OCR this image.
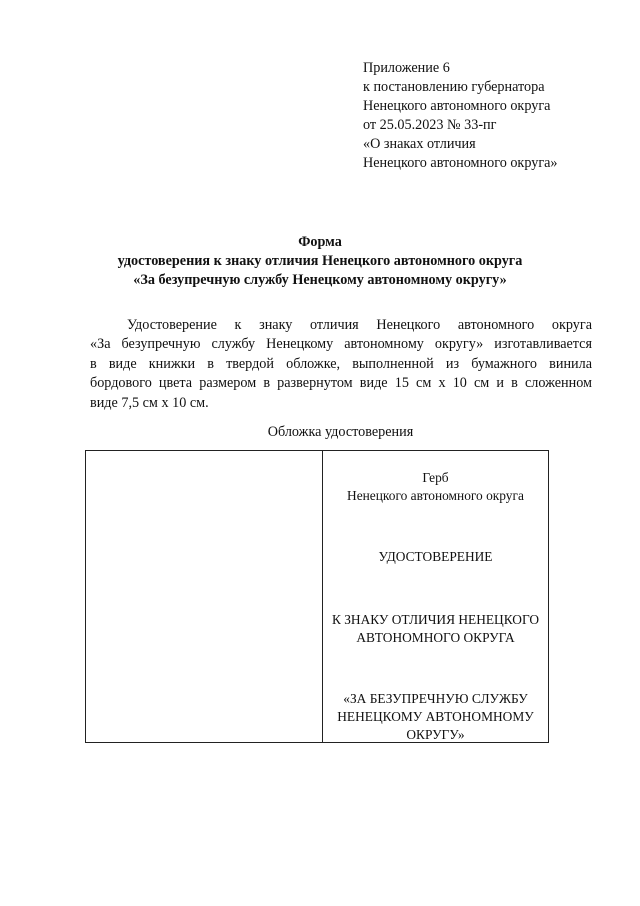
Приложение 6
к постановлению губернатора
Ненецкого автономного округа
от 25.05.2023 № 33-пг
«О знаках отличия
Ненецкого автономного округа»
Форма
удостоверения к знаку отличия Ненецкого автономного округа
«За безупречную службу Ненецкому автономному округу»
Удостоверение к знаку отличия Ненецкого автономного округа
«За безупречную службу Ненецкому автономному округу» изготавливается
в виде книжки в твердой обложке, выполненной из бумажного винила
бордового цвета размером в развернутом виде 15 см х 10 см и в сложенном
виде 7,5 см х 10 см.
Обложка удостоверения
Герб
Ненецкого автономного округа
УДОСТОВЕРЕНИЕ
К ЗНАКУ ОТЛИЧИЯ НЕНЕЦКОГО
АВТОНОМНОГО ОКРУГА
«ЗА БЕЗУПРЕЧНУЮ СЛУЖБУ
НЕНЕЦКОМУ АВТОНОМНОМУ
ОКРУГУ»
